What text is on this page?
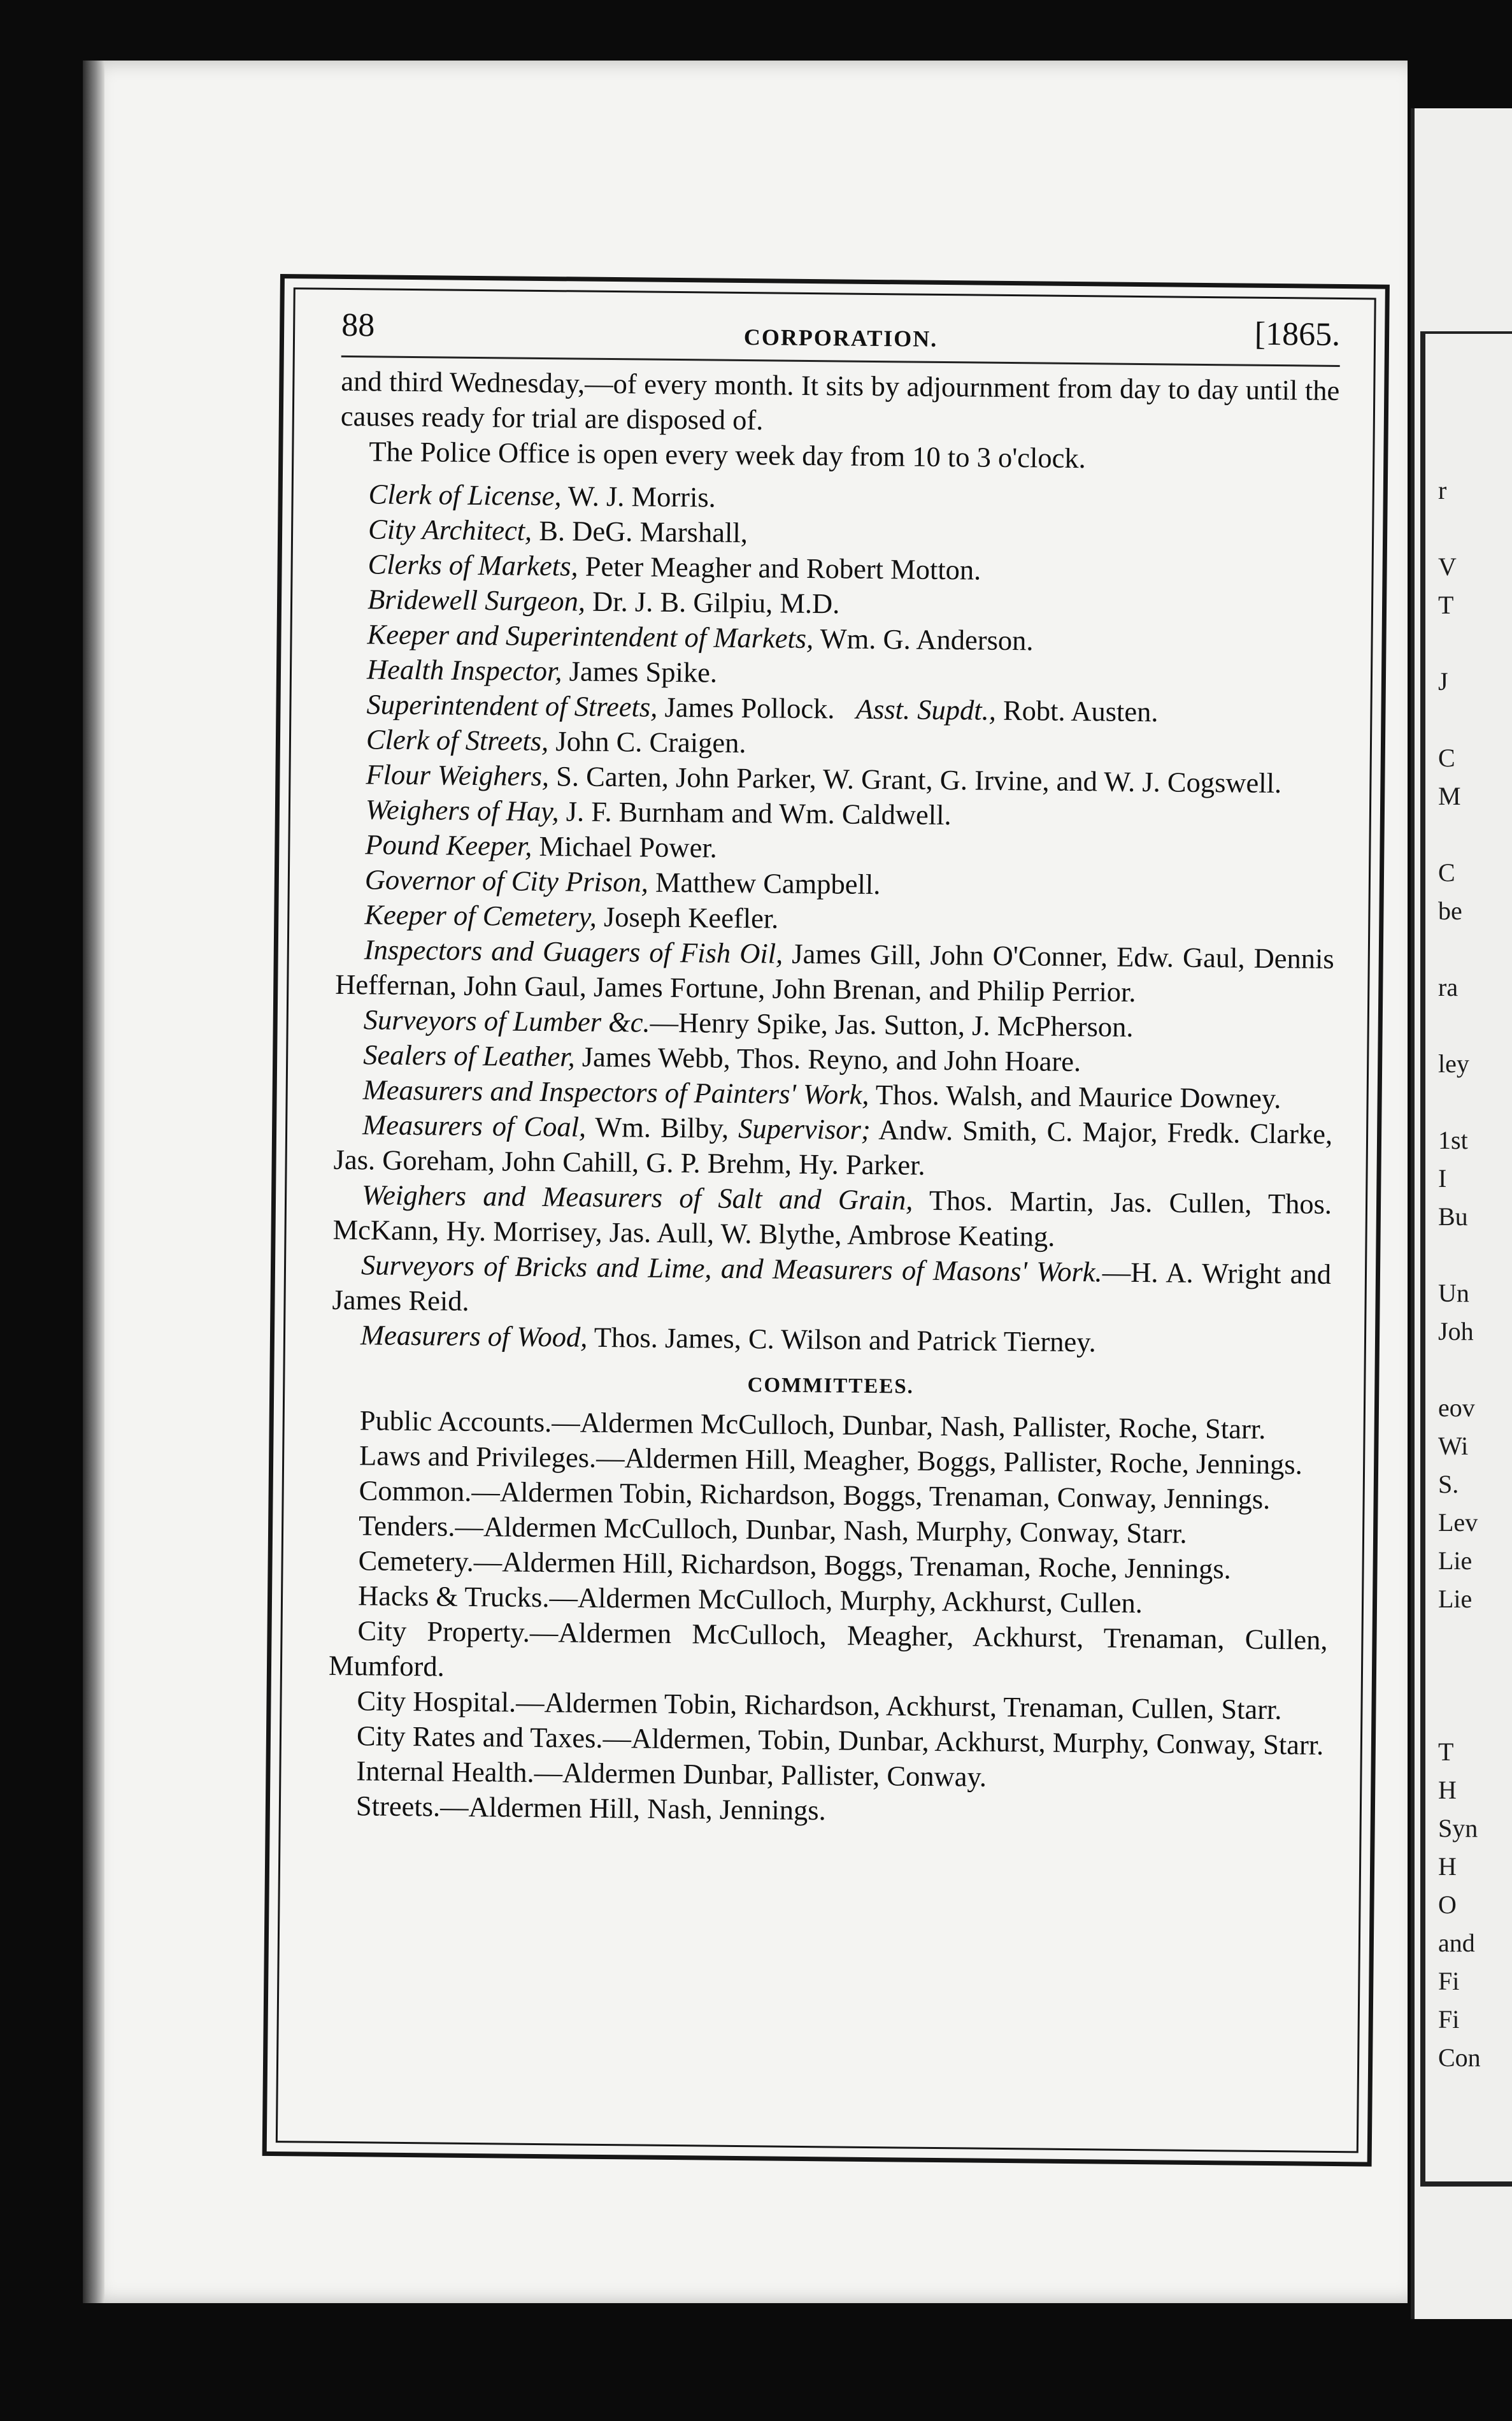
r

V
T

J

C
M

C
be

ra

ley

1st
I
Bu

Un
Joh

eov
Wi
S.
Lev
Lie
Lie

T
H
Syn
H
O
and
Fi
Fi
Con
88	CORPORATION.	[1865.

and third Wednesday,—of every month. It sits by adjournment from day to day until the causes ready for trial are disposed of.

The Police Office is open every week day from 10 to 3 o'clock.

Clerk of License, W. J. Morris.

City Architect, B. DeG. Marshall,

Clerks of Markets, Peter Meagher and Robert Motton.

Bridewell Surgeon, Dr. J. B. Gilpiu, M.D.

Keeper and Superintendent of Markets, Wm. G. Anderson.

Health Inspector, James Spike.

Superintendent of Streets, James Pollock. Asst. Supdt., Robt. Austen.

Clerk of Streets, John C. Craigen.

Flour Weighers, S. Carten, John Parker, W. Grant, G. Irvine, and W. J. Cogswell.

Weighers of Hay, J. F. Burnham and Wm. Caldwell.

Pound Keeper, Michael Power.

Governor of City Prison, Matthew Campbell.

Keeper of Cemetery, Joseph Keefler.

Inspectors and Guagers of Fish Oil, James Gill, John O'Conner, Edw. Gaul, Dennis Heffernan, John Gaul, James Fortune, John Brenan, and Philip Perrior.

Surveyors of Lumber &c.—Henry Spike, Jas. Sutton, J. McPherson.

Sealers of Leather, James Webb, Thos. Reyno, and John Hoare.

Measurers and Inspectors of Painters' Work, Thos. Walsh, and Maurice Downey.

Measurers of Coal, Wm. Bilby, Supervisor; Andw. Smith, C. Major, Fredk. Clarke, Jas. Goreham, John Cahill, G. P. Brehm, Hy. Parker.

Weighers and Measurers of Salt and Grain, Thos. Martin, Jas. Cullen, Thos. McKann, Hy. Morrisey, Jas. Aull, W. Blythe, Ambrose Keating.

Surveyors of Bricks and Lime, and Measurers of Masons' Work.—H. A. Wright and James Reid.

Measurers of Wood, Thos. James, C. Wilson and Patrick Tierney.

COMMITTEES.

Public Accounts.—Aldermen McCulloch, Dunbar, Nash, Pallister, Roche, Starr.

Laws and Privileges.—Aldermen Hill, Meagher, Boggs, Pallister, Roche, Jennings.

Common.—Aldermen Tobin, Richardson, Boggs, Trenaman, Conway, Jennings.

Tenders.—Aldermen McCulloch, Dunbar, Nash, Murphy, Conway, Starr.

Cemetery.—Aldermen Hill, Richardson, Boggs, Trenaman, Roche, Jennings.

Hacks & Trucks.—Aldermen McCulloch, Murphy, Ackhurst, Cullen.

City Property.—Aldermen McCulloch, Meagher, Ackhurst, Trenaman, Cullen, Mumford.

City Hospital.—Aldermen Tobin, Richardson, Ackhurst, Trenaman, Cullen, Starr.

City Rates and Taxes.—Aldermen, Tobin, Dunbar, Ackhurst, Murphy, Conway, Starr.

Internal Health.—Aldermen Dunbar, Pallister, Conway.

Streets.—Aldermen Hill, Nash, Jennings.
